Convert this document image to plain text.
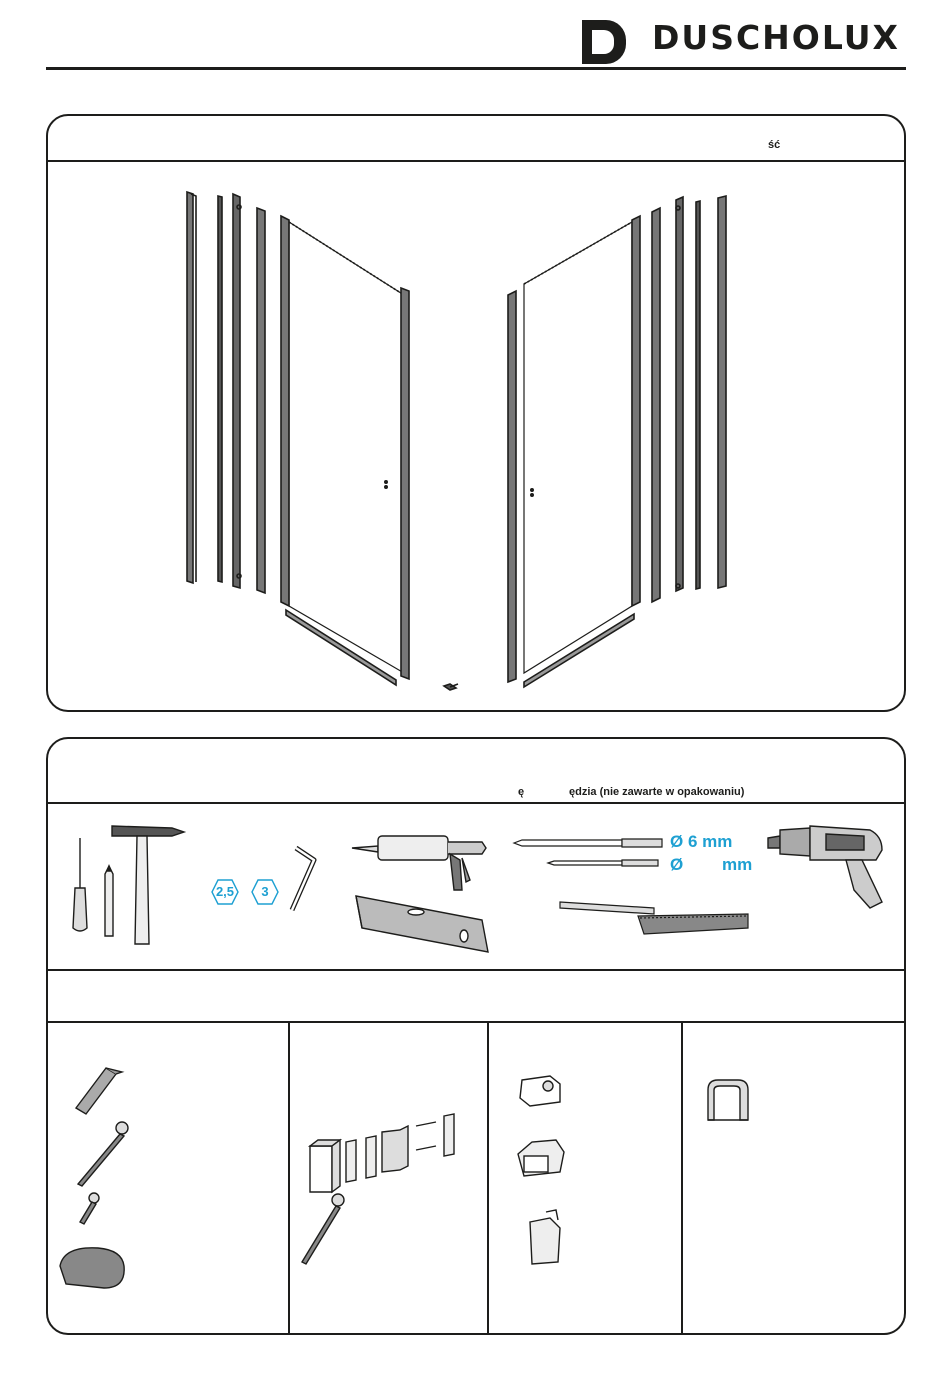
DUSCHOLUX
ść
ę	ędzia (nie zawarte w opakowaniu)
2,5	3
Ø 6 mm
Ø mm
